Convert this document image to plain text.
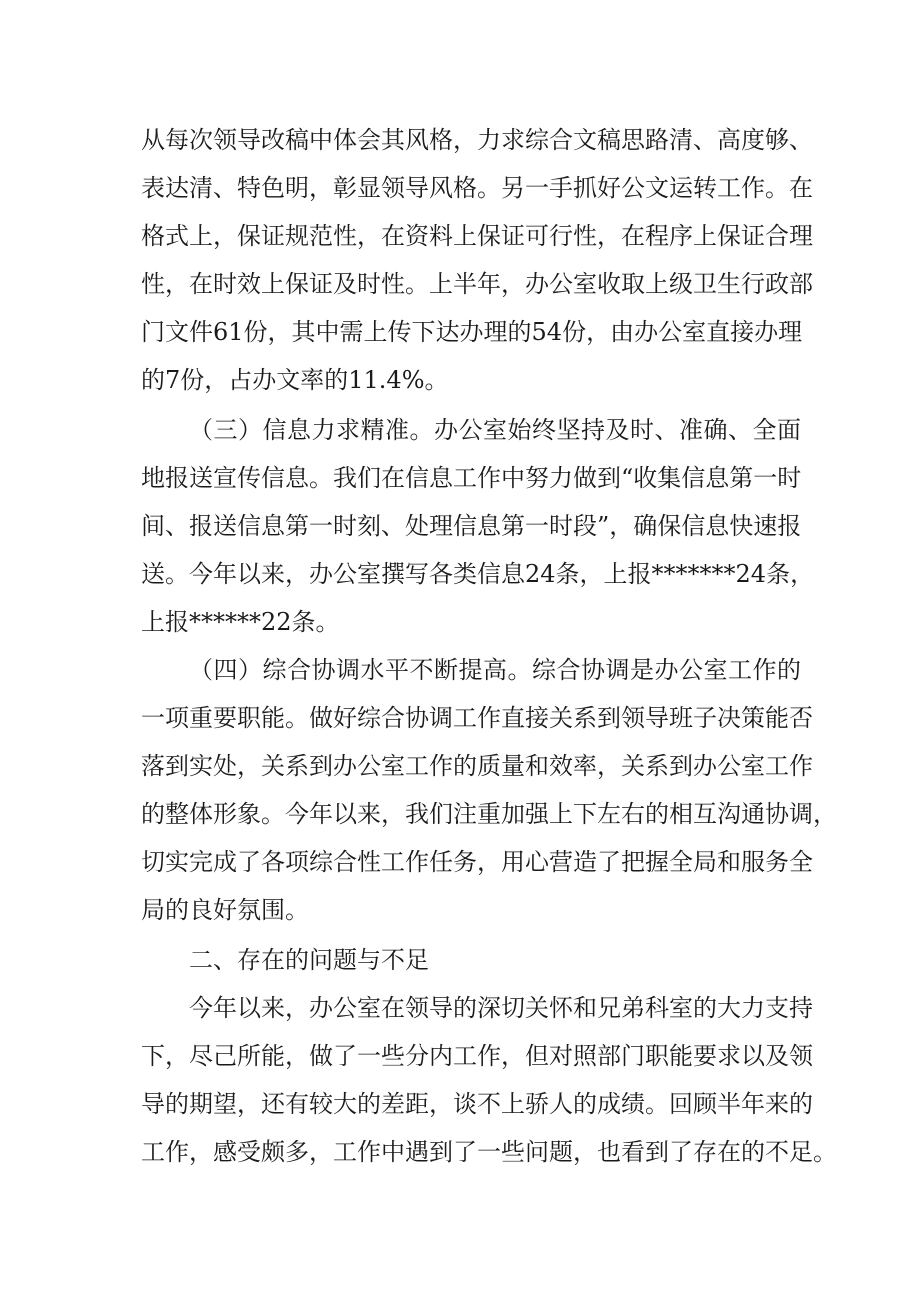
从每次领导改稿中体会其风格，力求综合文稿思路清、高度够、
表达清、特色明，彰显领导风格。另一手抓好公文运转工作。在
格式上，保证规范性，在资料上保证可行性，在程序上保证合理
性，在时效上保证及时性。上半年，办公室收取上级卫生行政部
门文件61份，其中需上传下达办理的54份，由办公室直接办理
的7份，占办文率的11.4%。
（三）信息力求精准。办公室始终坚持及时、准确、全面
地报送宣传信息。我们在信息工作中努力做到“收集信息第一时
间、报送信息第一时刻、处理信息第一时段”，确保信息快速报
送。今年以来，办公室撰写各类信息24条，上报*******24条，
上报******22条。
（四）综合协调水平不断提高。综合协调是办公室工作的
一项重要职能。做好综合协调工作直接关系到领导班子决策能否
落到实处，关系到办公室工作的质量和效率，关系到办公室工作
的整体形象。今年以来，我们注重加强上下左右的相互沟通协调，
切实完成了各项综合性工作任务，用心营造了把握全局和服务全
局的良好氛围。
二、存在的问题与不足
今年以来，办公室在领导的深切关怀和兄弟科室的大力支持
下，尽己所能，做了一些分内工作，但对照部门职能要求以及领
导的期望，还有较大的差距，谈不上骄人的成绩。回顾半年来的
工作，感受颇多，工作中遇到了一些问题，也看到了存在的不足。
